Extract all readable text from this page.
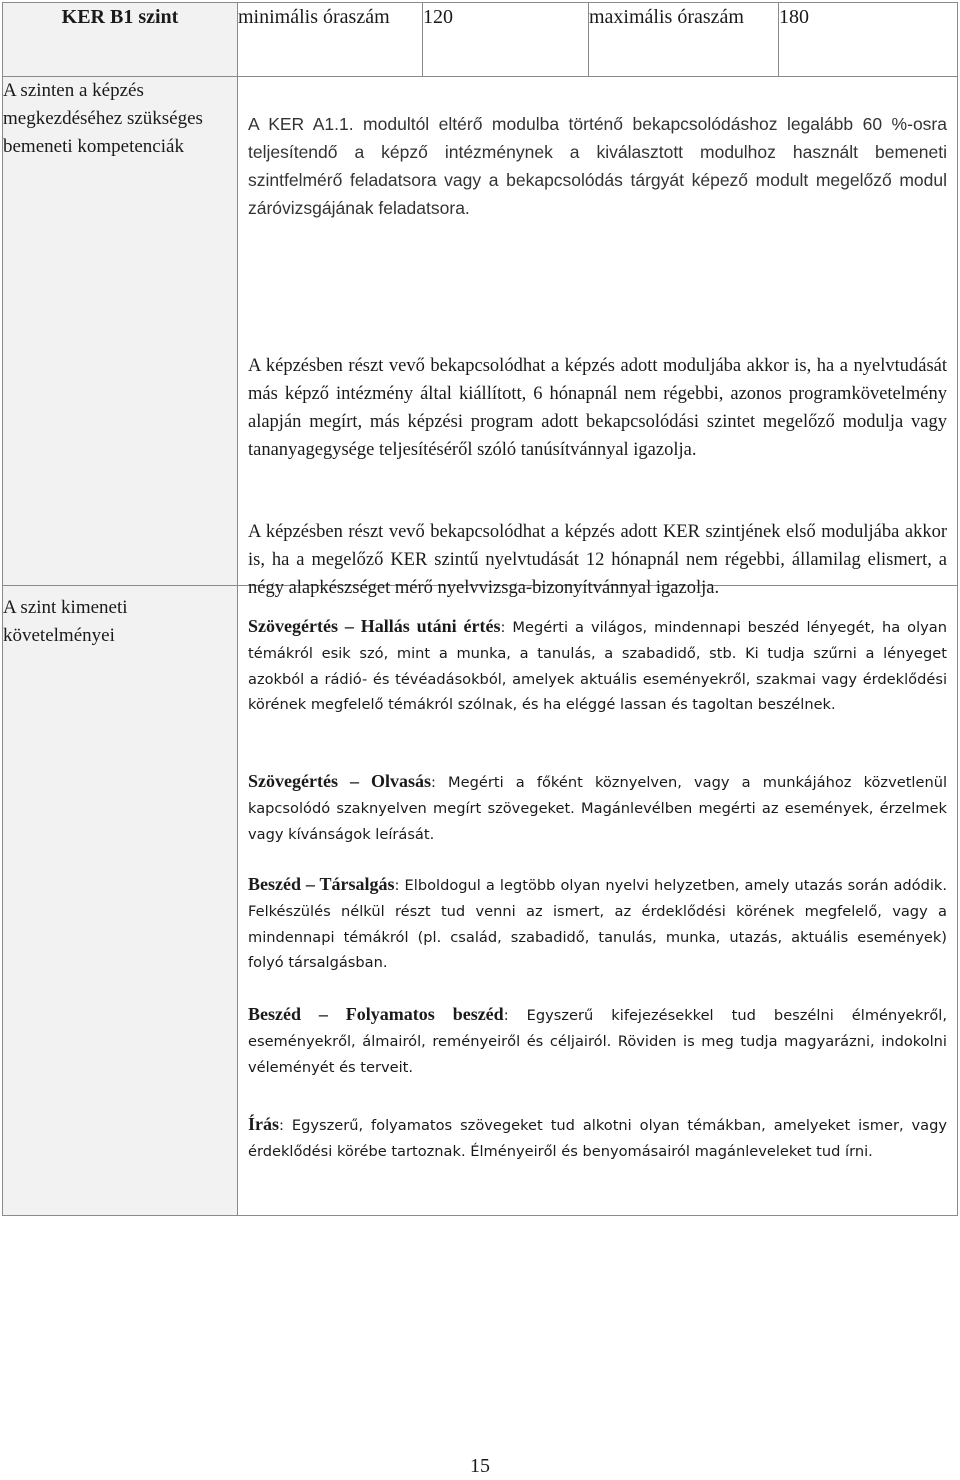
KER B1 szint	minimális óraszám	120	maximális óraszám	180
A szinten a képzés megkezdéséhez szükséges bemeneti kompetenciák	A KER A1.1. modultól eltérő modulba történő bekapcsolódáshoz legalább 60 %-osra teljesítendő a képző intézménynek a kiválasztott modulhoz használt bemeneti szintfelmérő feladatsora vagy a bekapcsolódás tárgyát képező modult megelőző modul záróvizsgájának feladatsora.

A képzésben részt vevő bekapcsolódhat a képzés adott moduljába akkor is, ha a nyelvtudását más képző intézmény által kiállított, 6 hónapnál nem régebbi, azonos programkövetelmény alapján megírt, más képzési program adott bekapcsolódási szintet megelőző modulja vagy tananyagegysége teljesítéséről szóló tanúsítvánnyal igazolja.

A képzésben részt vevő bekapcsolódhat a képzés adott KER szintjének első moduljába akkor is, ha a megelőző KER szintű nyelvtudását 12 hónapnál nem régebbi, államilag elismert, a négy alapkészséget mérő nyelvvizsga-bizonyítvánnyal igazolja.			

A szint kimeneti követelményei	Szövegértés – Hallás utáni értés: Megérti a világos, mindennapi beszéd lényegét, ha olyan témákról esik szó, mint a munka, a tanulás, a szabadidő, stb. Ki tudja szűrni a lényeget azokból a rádió- és tévéadásokból, amelyek aktuális eseményekről, szakmai vagy érdeklődési körének megfelelő témákról szólnak, és ha eléggé lassan és tagoltan beszélnek.
Szövegértés – Olvasás: Megérti a főként köznyelven, vagy a munkájához közvetlenül kapcsolódó szaknyelven megírt szövegeket. Magánlevélben megérti az események, érzelmek vagy kívánságok leírását.
Beszéd – Társalgás: Elboldogul a legtöbb olyan nyelvi helyzetben, amely utazás során adódik. Felkészülés nélkül részt tud venni az ismert, az érdeklődési körének megfelelő, vagy a mindennapi témákról (pl. család, szabadidő, tanulás, munka, utazás, aktuális események) folyó társalgásban.
Beszéd – Folyamatos beszéd: Egyszerű kifejezésekkel tud beszélni élményekről, eseményekről, álmairól, reményeiről és céljairól. Röviden is meg tudja magyarázni, indokolni véleményét és terveit.
Írás: Egyszerű, folyamatos szövegeket tud alkotni olyan témákban, amelyeket ismer, vagy érdeklődési körébe tartoznak. Élményeiről és benyomásairól magánleveleket tud írni.			
15
